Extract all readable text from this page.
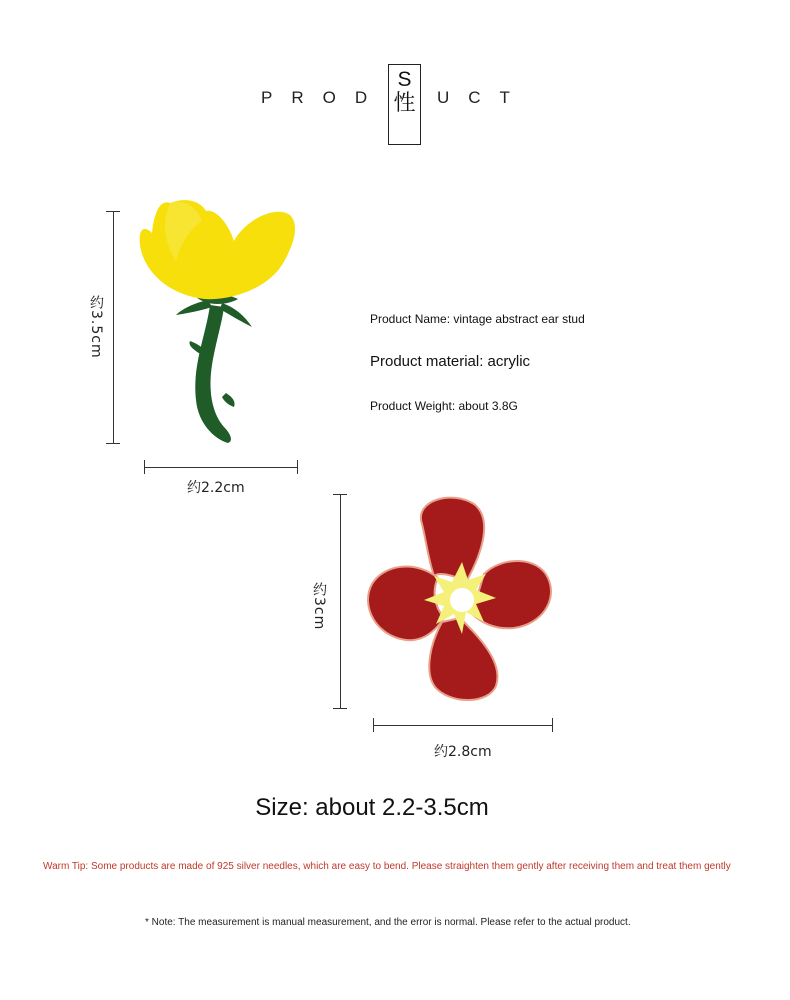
PROD
S
性 UCT
约3.5cm
约2.2cm
Product Name: vintage abstract ear stud
Product material: acrylic
Product Weight: about 3.8G
约3cm
约2.8cm
Size: about 2.2-3.5cm
Warm Tip: Some products are made of 925 silver needles, which are easy to bend. Please straighten them gently after receiving them and treat them gently
* Note: The measurement is manual measurement, and the error is normal. Please refer to the actual product.
